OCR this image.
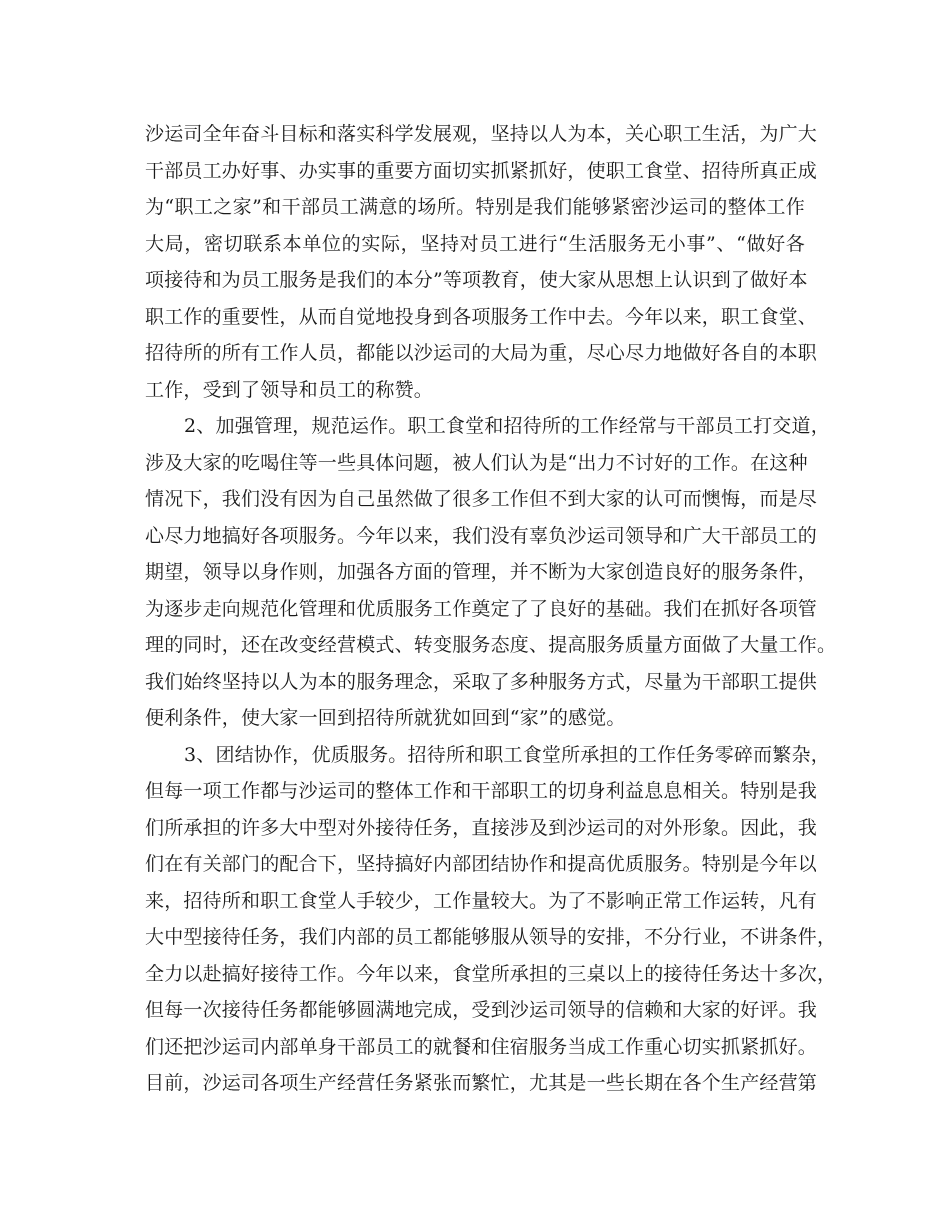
沙运司全年奋斗目标和落实科学发展观，坚持以人为本，关心职工生活，为广大
干部员工办好事、办实事的重要方面切实抓紧抓好，使职工食堂、招待所真正成
为“职工之家”和干部员工满意的场所。特别是我们能够紧密沙运司的整体工作
大局，密切联系本单位的实际，坚持对员工进行“生活服务无小事”、“做好各
项接待和为员工服务是我们的本分”等项教育，使大家从思想上认识到了做好本
职工作的重要性，从而自觉地投身到各项服务工作中去。今年以来，职工食堂、
招待所的所有工作人员，都能以沙运司的大局为重，尽心尽力地做好各自的本职
工作，受到了领导和员工的称赞。
2、加强管理，规范运作。职工食堂和招待所的工作经常与干部员工打交道，
涉及大家的吃喝住等一些具体问题，被人们认为是“出力不讨好的工作。在这种
情况下，我们没有因为自己虽然做了很多工作但不到大家的认可而懊悔，而是尽
心尽力地搞好各项服务。今年以来，我们没有辜负沙运司领导和广大干部员工的
期望，领导以身作则，加强各方面的管理，并不断为大家创造良好的服务条件，
为逐步走向规范化管理和优质服务工作奠定了了良好的基础。我们在抓好各项管
理的同时，还在改变经营模式、转变服务态度、提高服务质量方面做了大量工作。
我们始终坚持以人为本的服务理念，采取了多种服务方式，尽量为干部职工提供
便利条件，使大家一回到招待所就犹如回到“家”的感觉。
3、团结协作，优质服务。招待所和职工食堂所承担的工作任务零碎而繁杂，
但每一项工作都与沙运司的整体工作和干部职工的切身利益息息相关。特别是我
们所承担的许多大中型对外接待任务，直接涉及到沙运司的对外形象。因此，我
们在有关部门的配合下，坚持搞好内部团结协作和提高优质服务。特别是今年以
来，招待所和职工食堂人手较少，工作量较大。为了不影响正常工作运转，凡有
大中型接待任务，我们内部的员工都能够服从领导的安排，不分行业，不讲条件，
全力以赴搞好接待工作。今年以来，食堂所承担的三桌以上的接待任务达十多次，
但每一次接待任务都能够圆满地完成，受到沙运司领导的信赖和大家的好评。我
们还把沙运司内部单身干部员工的就餐和住宿服务当成工作重心切实抓紧抓好。
目前，沙运司各项生产经营任务紧张而繁忙，尤其是一些长期在各个生产经营第
